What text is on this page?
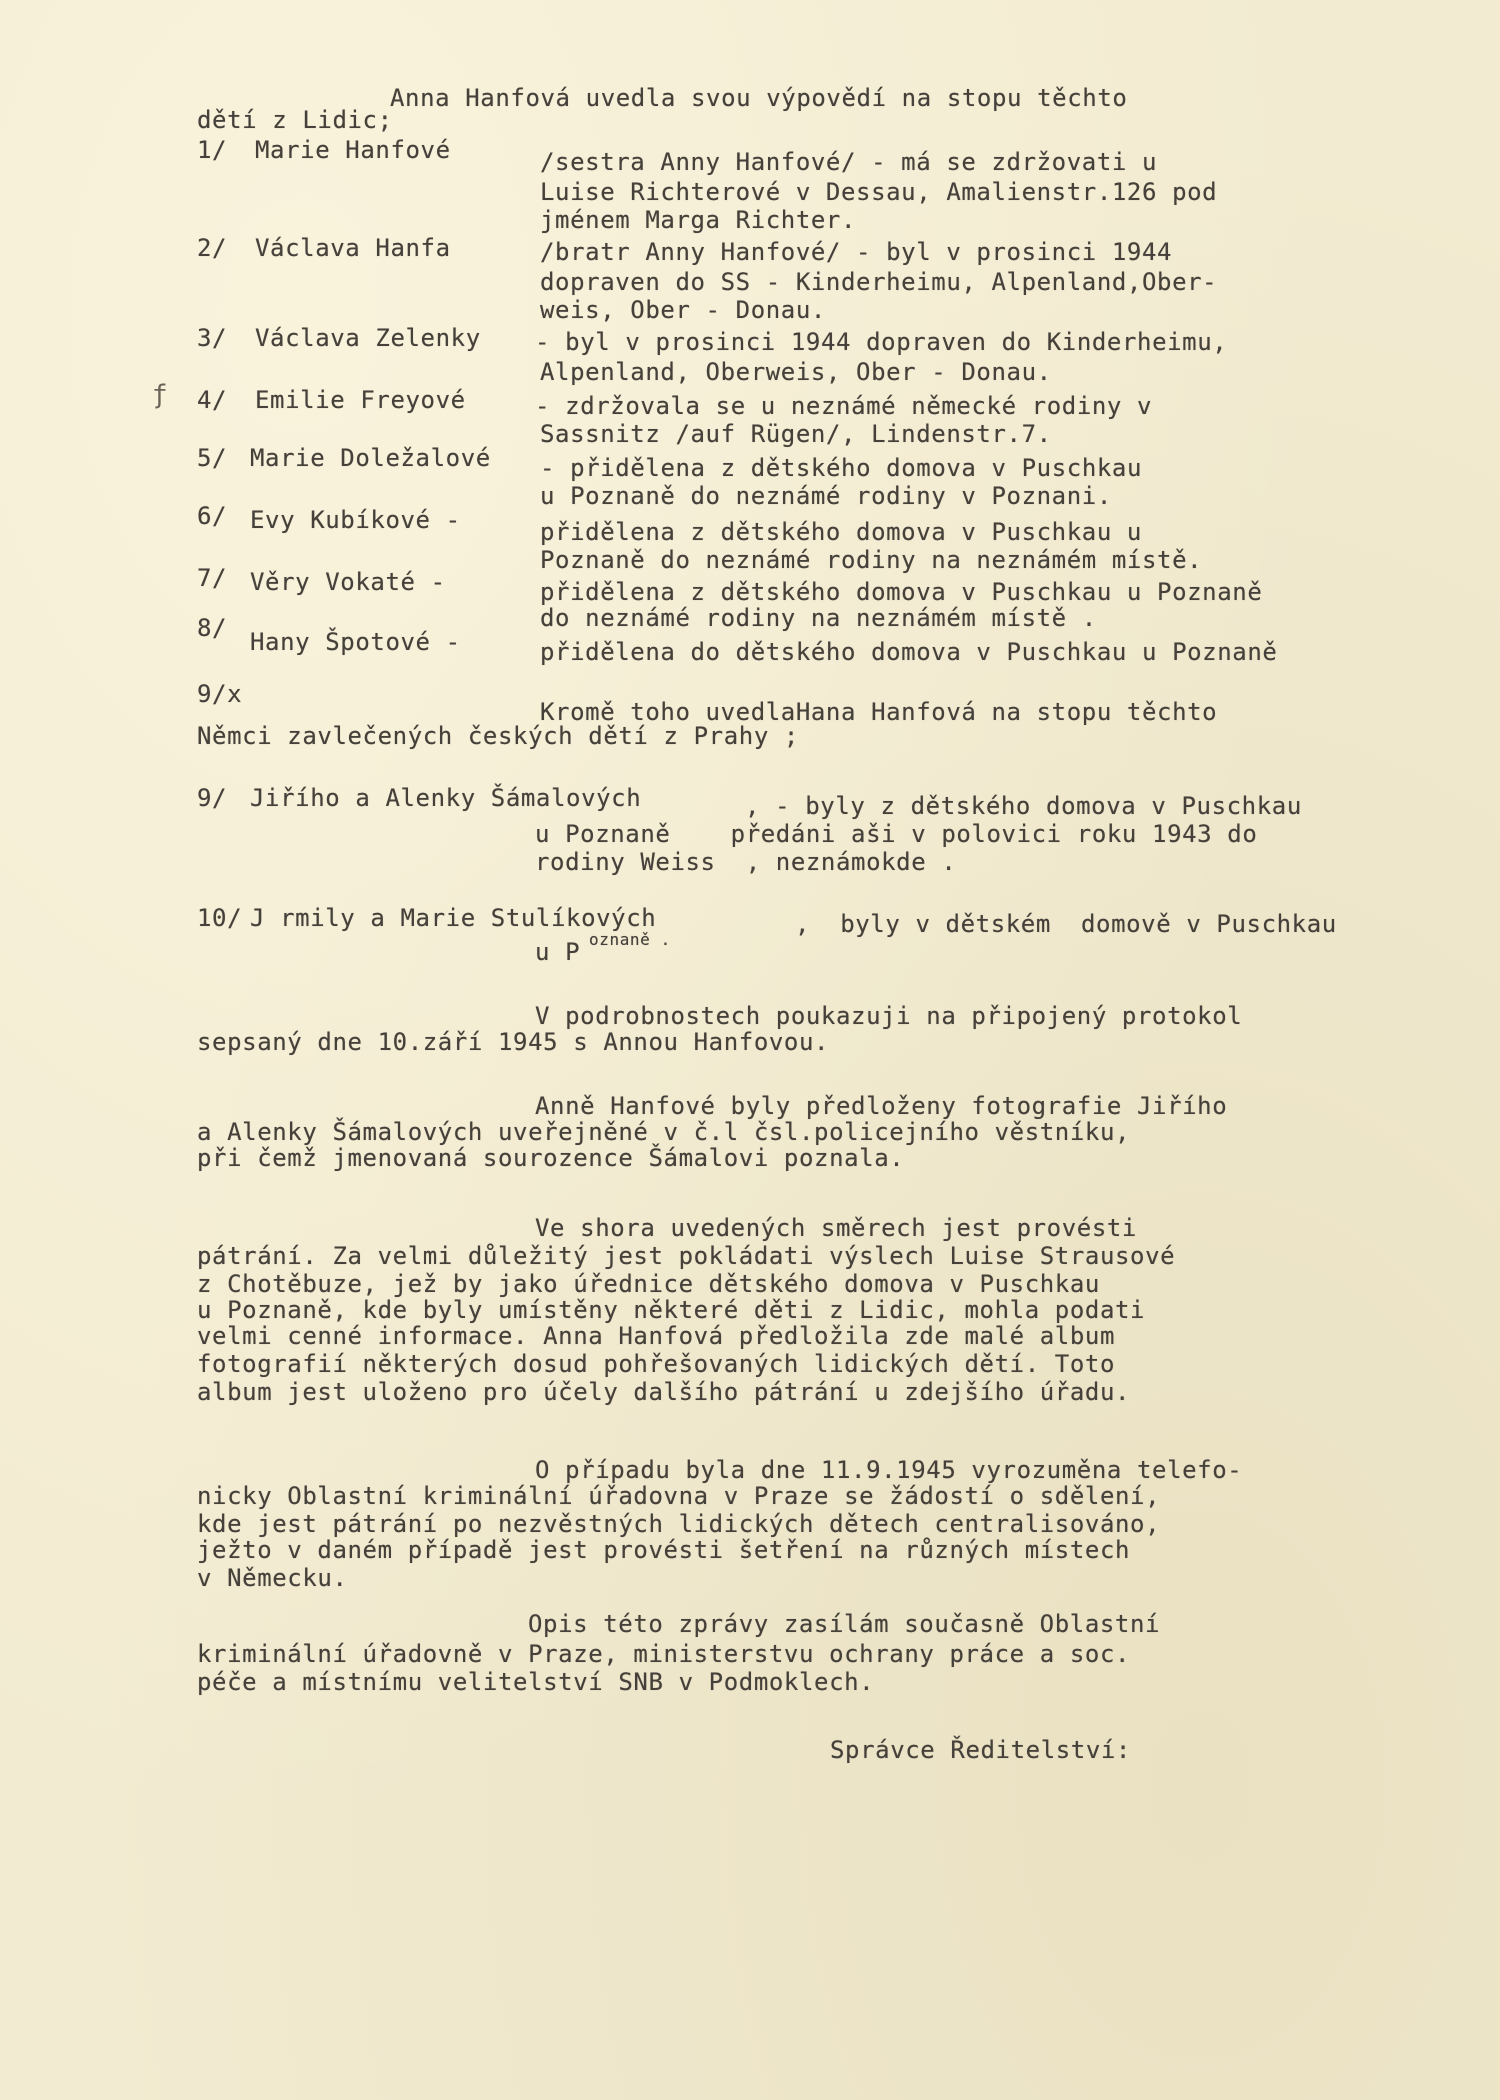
Anna Hanfová uvedla svou výpovědí na stopu těchto
dětí z Lidic;
1/ Marie Hanfové	/sestra Anny Hanfové/ - má se zdržovati u
Luise Richterové v Dessau, Amalienstr.126 pod
jménem Marga Richter.
2/ Václava Hanfa	/bratr Anny Hanfové/ - byl v prosinci 1944
dopraven do SS - Kinderheimu, Alpenland,Ober-
weis, Ober - Donau.
3/ Václava Zelenky - byl v prosinci 1944 dopraven do Kinderheimu,
Alpenland, Oberweis, Ober - Donau.
ƒ 4/ Emilie Freyové - zdržovala se u neznámé německé rodiny v
Sassnitz /auf Rügen/, Lindenstr.7.
5/ Marie Doležalové - přidělena z dětského domova v Puschkau
u Poznaně do neznámé rodiny v Poznani.
6/ Evy Kubíkové -	přidělena z dětského domova v Puschkau u
Poznaně do neznámé rodiny na neznámém místě.
7/ Věry Vokaté -	přidělena z dětského domova v Puschkau u Poznaně
do neznámé rodiny na neznámém místě .
8/ Hany Špotové -	přidělena do dětského domova v Puschkau u Poznaně
9/x
Kromě toho uvedlaHana Hanfová na stopu těchto
Němci zavlečených českých dětí z Prahy ;
9/ Jiřího a Alenky Šámalových	, - byly z dětského domova v Puschkau
u Poznaně    předáni aši v polovici roku 1943 do
rodiny Weiss  , neznámokde .
10/ J rmily a Marie Stulíkových	,  byly v dětském  domově v Puschkau
u P oznaně .
V podrobnostech poukazuji na připojený protokol
sepsaný dne 10.září 1945 s Annou Hanfovou.
Anně Hanfové byly předloženy fotografie Jiřího
a Alenky Šámalových uveřejněné v č.l čsl.policejního věstníku,
při čemž jmenovaná sourozence Šámalovi poznala.
Ve shora uvedených směrech jest provésti
pátrání. Za velmi důležitý jest pokládati výslech Luise Strausové
z Chotěbuze, jež by jako úřednice dětského domova v Puschkau
u Poznaně, kde byly umístěny některé děti z Lidic, mohla podati
velmi cenné informace. Anna Hanfová předložila zde malé album
fotografií některých dosud pohřešovaných lidických dětí. Toto
album jest uloženo pro účely dalšího pátrání u zdejšího úřadu.
O případu byla dne 11.9.1945 vyrozuměna telefo-
nicky Oblastní kriminální úřadovna v Praze se žádostí o sdělení,
kde jest pátrání po nezvěstných lidických dětech centralisováno,
ježto v daném případě jest provésti šetření na různých místech
v Německu.
Opis této zprávy zasílám současně Oblastní
kriminální úřadovně v Praze, ministerstvu ochrany práce a soc.
péče a místnímu velitelství SNB v Podmoklech.
Správce Ředitelství:
